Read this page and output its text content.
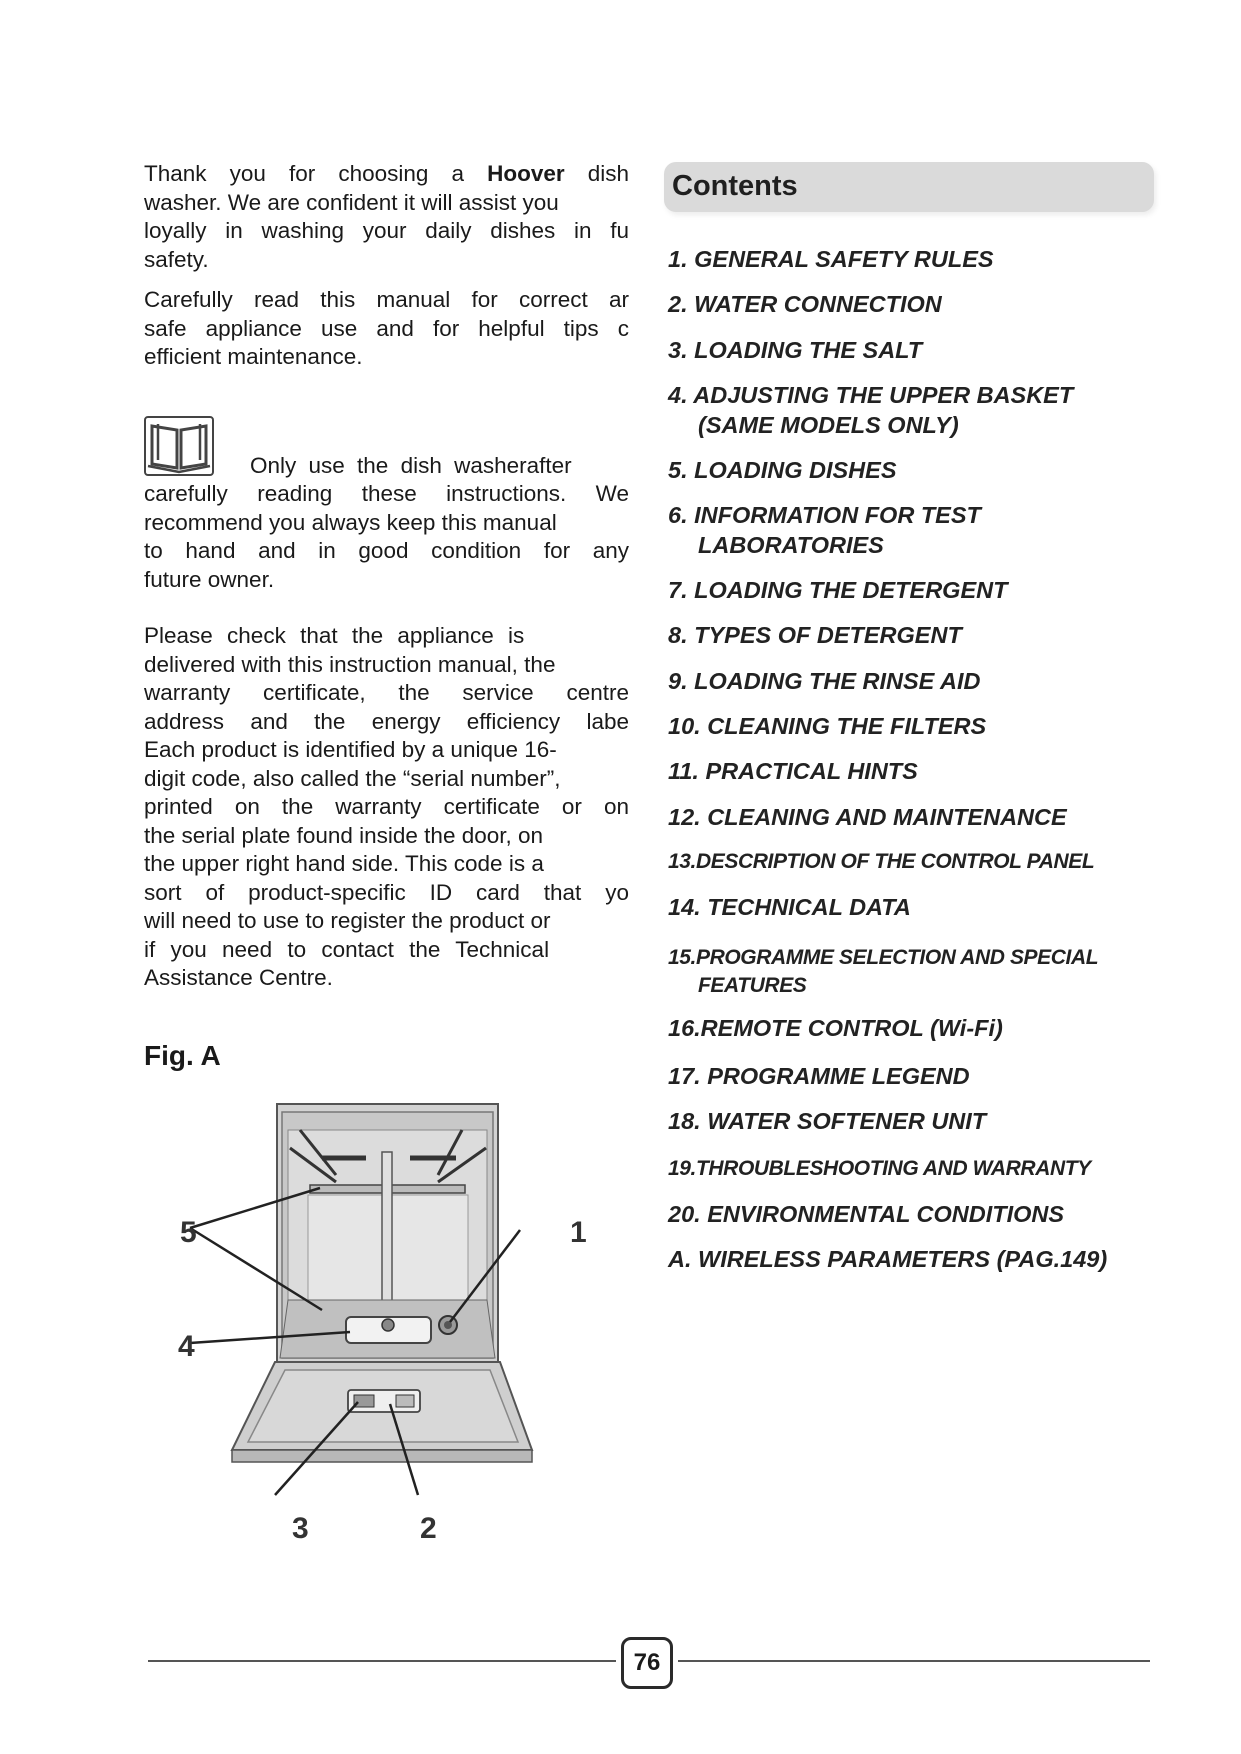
Thank you for choosing a Hoover dish

washer. We are confident it will assist you

loyally in washing your daily dishes in fu

safety.

Carefully read this manual for correct ar

safe appliance use and for helpful tips c

efficient maintenance.

Only use the dish washerafter

carefully reading these instructions. We

recommend you always keep this manual

to hand and in good condition for any

future owner.

Please check that the appliance is

delivered with this instruction manual, the

warranty certificate, the service centre

address and the energy efficiency labe

Each product is identified by a unique 16-

digit code, also called the “serial number”,

printed on the warranty certificate or on

the serial plate found inside the door, on

the upper right hand side. This code is a

sort of product-specific ID card that yo

will need to use to register the product or

if you need to contact the Technical

Assistance Centre.

Fig. A
5	1
4
3	2
Contents
1. GENERAL SAFETY RULES
2. WATER CONNECTION
3. LOADING THE SALT
4. ADJUSTING THE UPPER BASKET
(SAME MODELS ONLY)
5. LOADING DISHES
6. INFORMATION FOR TEST
LABORATORIES
7. LOADING THE DETERGENT
8. TYPES OF DETERGENT
9. LOADING THE RINSE AID
10. CLEANING THE FILTERS
11. PRACTICAL HINTS
12. CLEANING AND MAINTENANCE
13.DESCRIPTION OF THE CONTROL PANEL
14. TECHNICAL DATA
15.PROGRAMME SELECTION AND SPECIAL
FEATURES
16.REMOTE CONTROL (Wi-Fi)
17. PROGRAMME LEGEND
18. WATER SOFTENER UNIT
19.THROUBLESHOOTING AND WARRANTY
20. ENVIRONMENTAL CONDITIONS
A. WIRELESS PARAMETERS (PAG.149)
76
